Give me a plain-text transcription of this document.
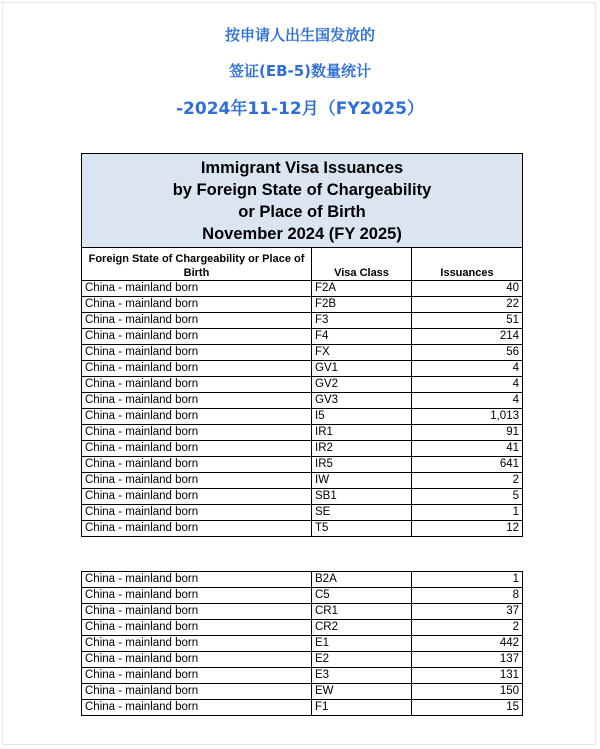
按申请人出生国发放的
签证(EB-5)数量统计
-2024年11-12月（FY2025）
Immigrant Visa Issuances
by Foreign State of Chargeability
or Place of Birth
November 2024 (FY 2025)		

Foreign State of Chargeability or Place of Birth	Visa Class	Issuances
China - mainland born	F2A	40
China - mainland born	F2B	22
China - mainland born	F3	51
China - mainland born	F4	214
China - mainland born	FX	56
China - mainland born	GV1	4
China - mainland born	GV2	4
China - mainland born	GV3	4
China - mainland born	I5	1,013
China - mainland born	IR1	91
China - mainland born	IR2	41
China - mainland born	IR5	641
China - mainland born	IW	2
China - mainland born	SB1	5
China - mainland born	SE	1
China - mainland born	T5	12
China - mainland born	B2A	1
China - mainland born	C5	8
China - mainland born	CR1	37
China - mainland born	CR2	2
China - mainland born	E1	442
China - mainland born	E2	137
China - mainland born	E3	131
China - mainland born	EW	150
China - mainland born	F1	15
